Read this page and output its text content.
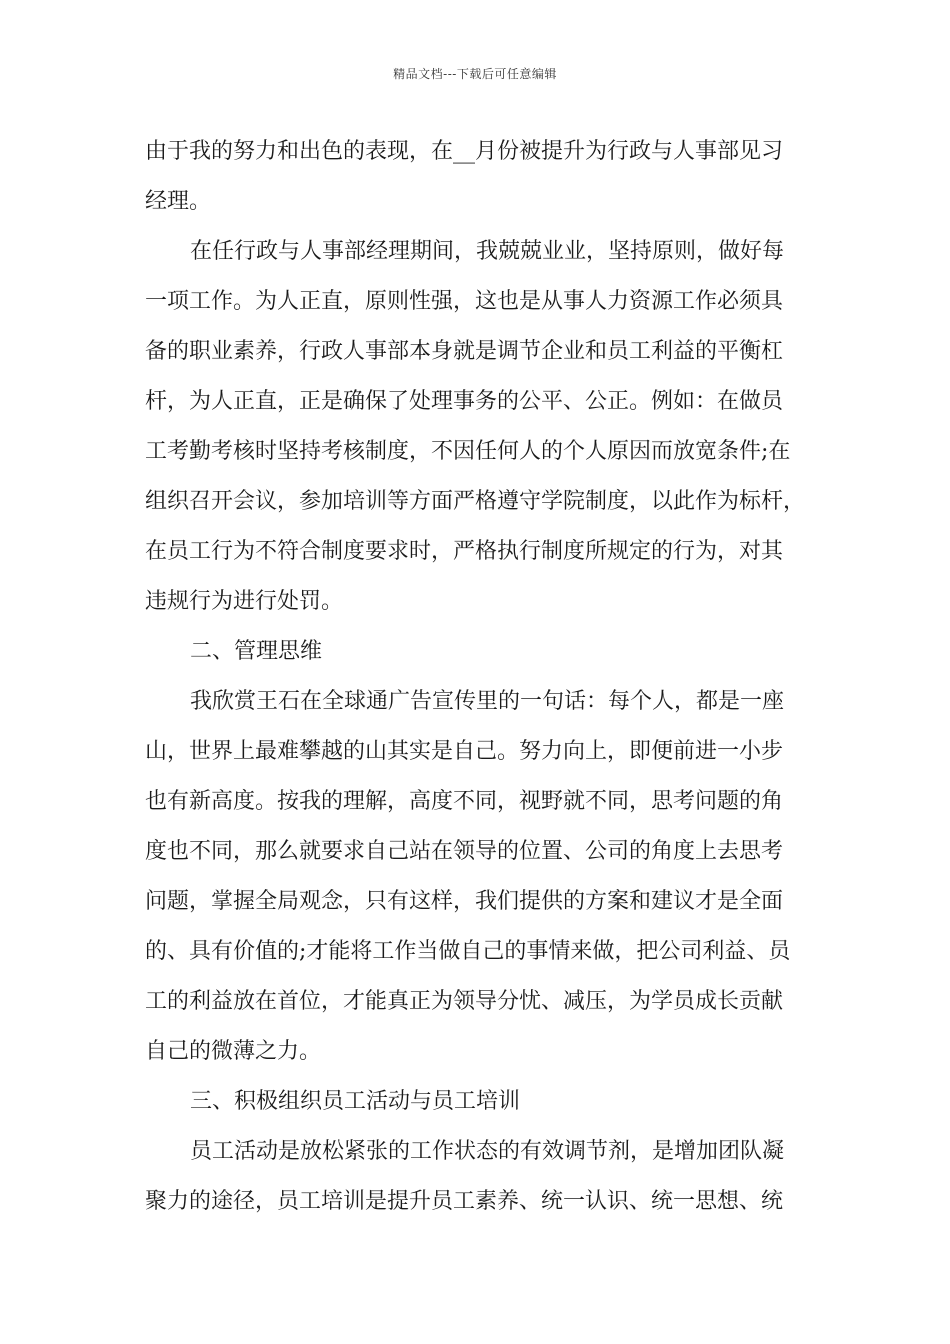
精品文档---下载后可任意编辑
由于我的努力和出色的表现，在__月份被提升为行政与人事部见习
经理。
在任行政与人事部经理期间，我兢兢业业，坚持原则，做好每
一项工作。为人正直，原则性强，这也是从事人力资源工作必须具
备的职业素养，行政人事部本身就是调节企业和员工利益的平衡杠
杆，为人正直，正是确保了处理事务的公平、公正。例如：在做员
工考勤考核时坚持考核制度，不因任何人的个人原因而放宽条件;在
组织召开会议，参加培训等方面严格遵守学院制度，以此作为标杆，
在员工行为不符合制度要求时，严格执行制度所规定的行为，对其
违规行为进行处罚。
二、管理思维
我欣赏王石在全球通广告宣传里的一句话：每个人，都是一座
山，世界上最难攀越的山其实是自己。努力向上，即便前进一小步
也有新高度。按我的理解，高度不同，视野就不同，思考问题的角
度也不同，那么就要求自己站在领导的位置、公司的角度上去思考
问题，掌握全局观念，只有这样，我们提供的方案和建议才是全面
的、具有价值的;才能将工作当做自己的事情来做，把公司利益、员
工的利益放在首位，才能真正为领导分忧、减压，为学员成长贡献
自己的微薄之力。
三、积极组织员工活动与员工培训
员工活动是放松紧张的工作状态的有效调节剂，是增加团队凝
聚力的途径，员工培训是提升员工素养、统一认识、统一思想、统
